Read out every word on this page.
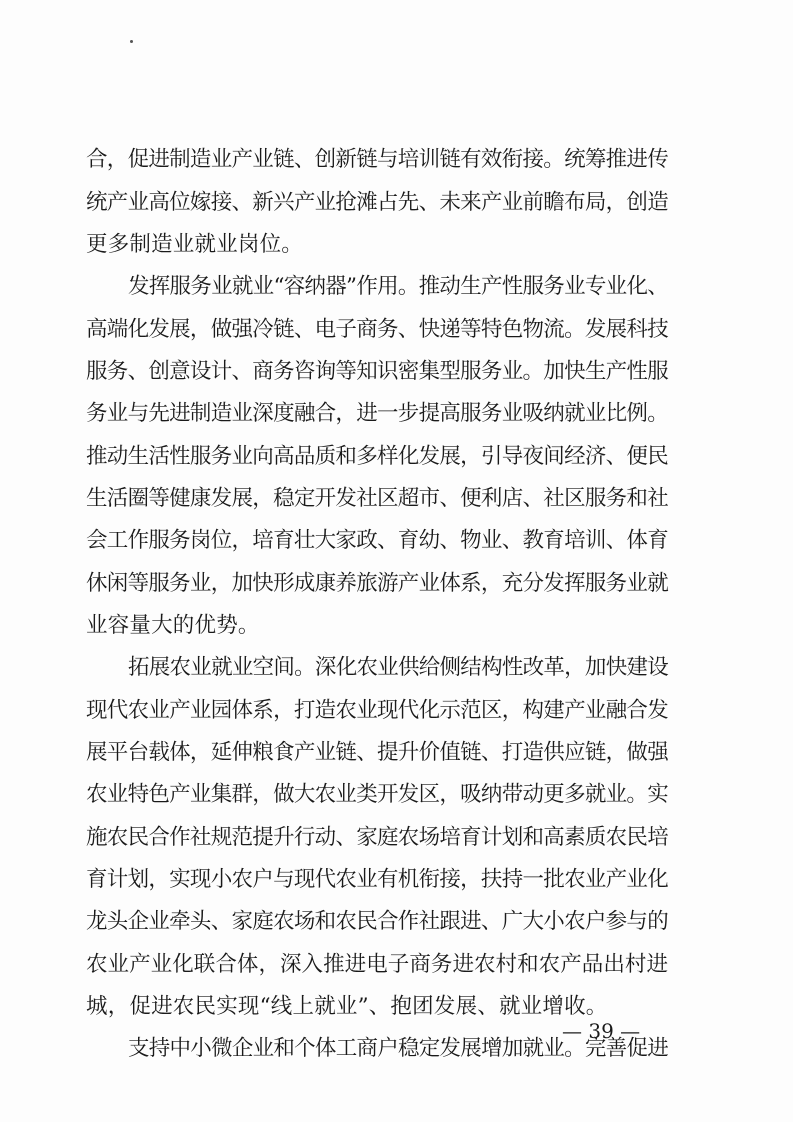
合，促进制造业产业链、创新链与培训链有效衔接。统筹推进传
统产业高位嫁接、新兴产业抢滩占先、未来产业前瞻布局，创造
更多制造业就业岗位。
发挥服务业就业“容纳器”作用。推动生产性服务业专业化、
高端化发展，做强冷链、电子商务、快递等特色物流。发展科技
服务、创意设计、商务咨询等知识密集型服务业。加快生产性服
务业与先进制造业深度融合，进一步提高服务业吸纳就业比例。
推动生活性服务业向高品质和多样化发展，引导夜间经济、便民
生活圈等健康发展，稳定开发社区超市、便利店、社区服务和社
会工作服务岗位，培育壮大家政、育幼、物业、教育培训、体育
休闲等服务业，加快形成康养旅游产业体系，充分发挥服务业就
业容量大的优势。
拓展农业就业空间。深化农业供给侧结构性改革，加快建设
现代农业产业园体系，打造农业现代化示范区，构建产业融合发
展平台载体，延伸粮食产业链、提升价值链、打造供应链，做强
农业特色产业集群，做大农业类开发区，吸纳带动更多就业。实
施农民合作社规范提升行动、家庭农场培育计划和高素质农民培
育计划，实现小农户与现代农业有机衔接，扶持一批农业产业化
龙头企业牵头、家庭农场和农民合作社跟进、广大小农户参与的
农业产业化联合体，深入推进电子商务进农村和农产品出村进
城，促进农民实现“线上就业”、抱团发展、就业增收。
支持中小微企业和个体工商户稳定发展增加就业。完善促进
— 39 —
